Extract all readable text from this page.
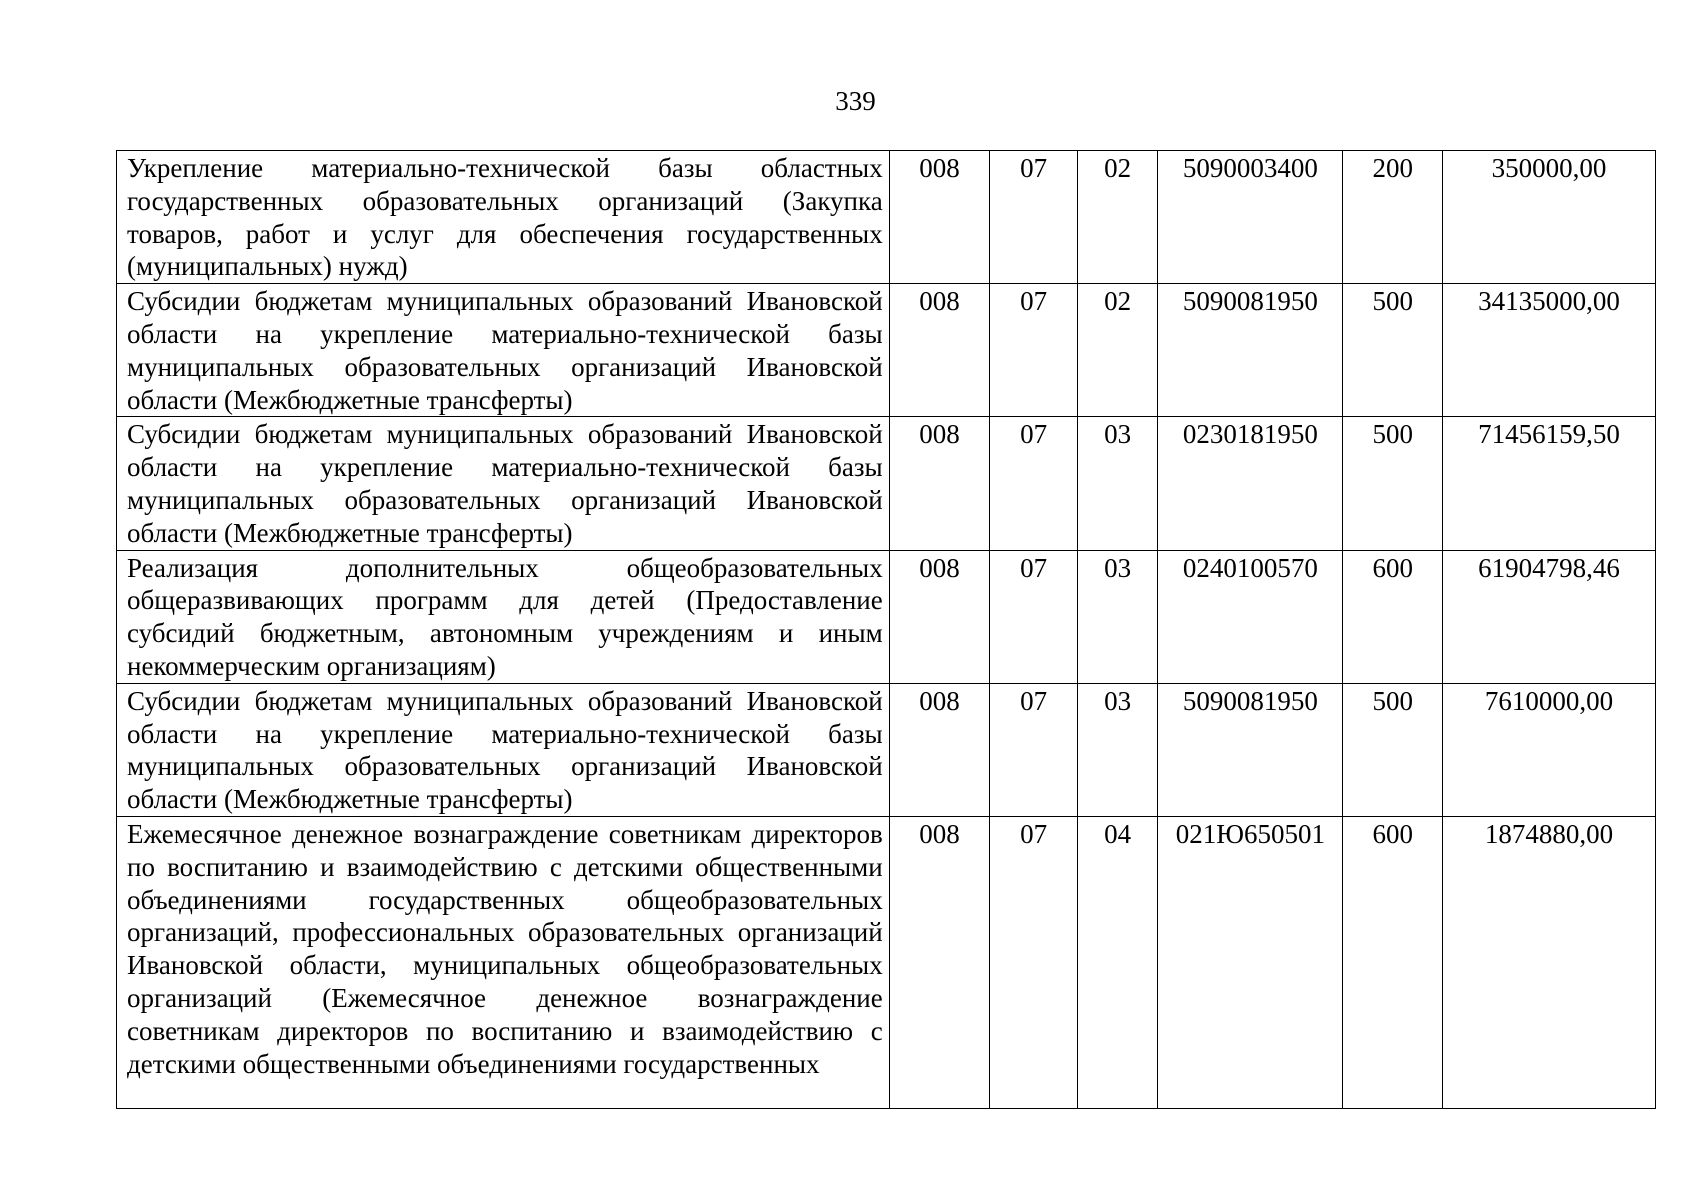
339
Укрепление материально-технической базы областных государственных образовательных организаций (Закупка товаров, работ и услуг для обеспечения государственных (муниципальных) нужд)	008	07	02	5090003400	200	350000,00
Субсидии бюджетам муниципальных образований Ивановской области на укрепление материально-технической базы муниципальных образовательных организаций Ивановской области (Межбюджетные трансферты)	008	07	02	5090081950	500	34135000,00
Субсидии бюджетам муниципальных образований Ивановской области на укрепление материально-технической базы муниципальных образовательных организаций Ивановской области (Межбюджетные трансферты)	008	07	03	0230181950	500	71456159,50
Реализация дополнительных общеобразовательных общеразвивающих программ для детей (Предоставление субсидий бюджетным, автономным учреждениям и иным некоммерческим организациям)	008	07	03	0240100570	600	61904798,46
Субсидии бюджетам муниципальных образований Ивановской области на укрепление материально-технической базы муниципальных образовательных организаций Ивановской области (Межбюджетные трансферты)	008	07	03	5090081950	500	7610000,00
Ежемесячное денежное вознаграждение советникам директоров по воспитанию и взаимодействию с детскими общественными объединениями государственных общеобразовательных организаций, профессиональных образовательных организаций Ивановской области, муниципальных общеобразовательных организаций (Ежемесячное денежное вознаграждение советникам директоров по воспитанию и взаимодействию с детскими общественными объединениями государственных	008	07	04	021Ю650501	600	1874880,00
